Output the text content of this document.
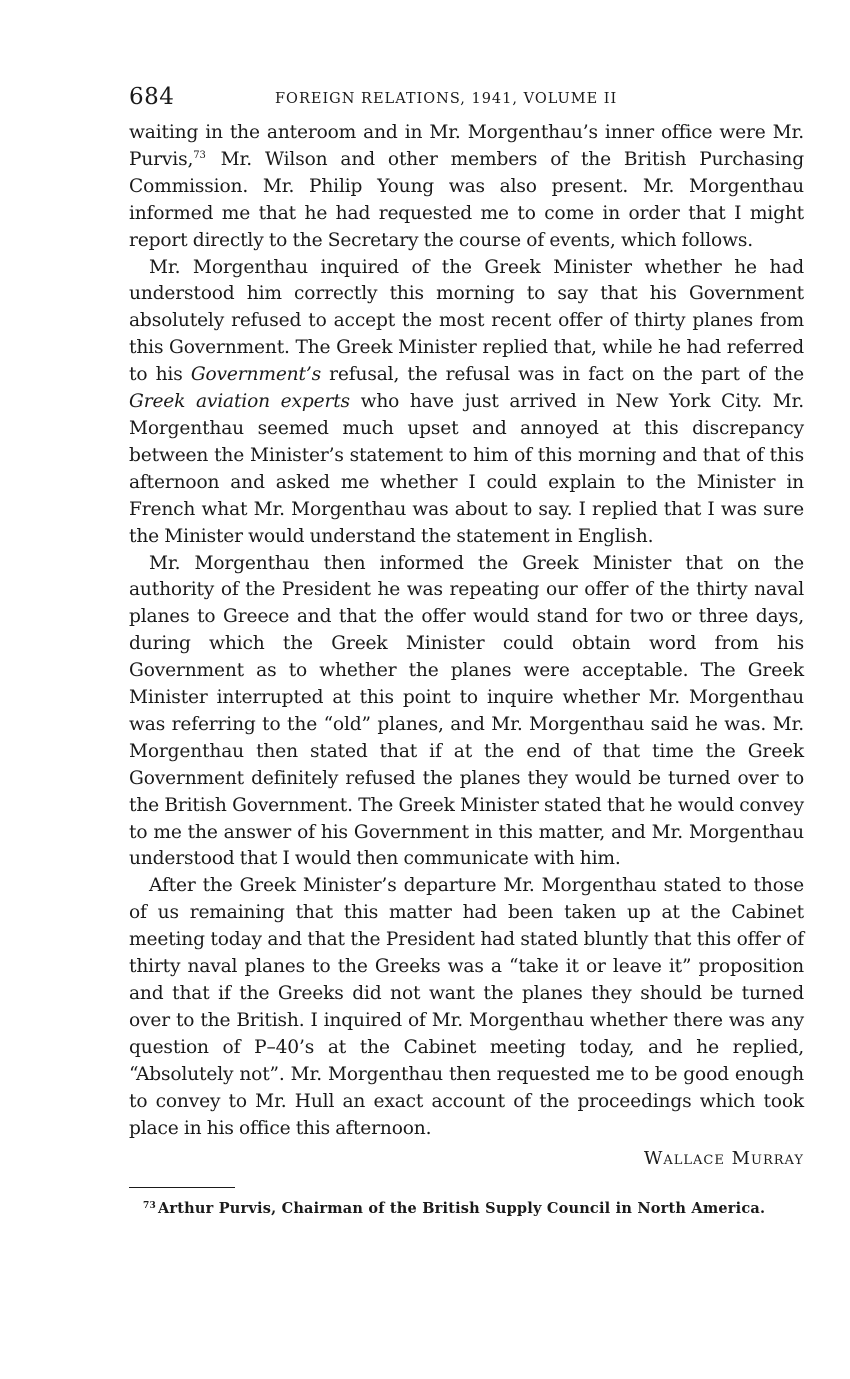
684	FOREIGN RELATIONS, 1941, VOLUME II

waiting in the anteroom and in Mr. Morgenthau’s inner office were Mr. Purvis,$^{73}$ Mr. Wilson and other members of the British Purchasing Commission. Mr. Philip Young was also present. Mr. Morgenthau informed me that he had requested me to come in order that I might report directly to the Secretary the course of events, which follows.

Mr. Morgenthau inquired of the Greek Minister whether he had understood him correctly this morning to say that his Government absolutely refused to accept the most recent offer of thirty planes from this Government. The Greek Minister replied that, while he had referred to his Government’s refusal, the refusal was in fact on the part of the Greek aviation experts who have just arrived in New York City. Mr. Morgenthau seemed much upset and annoyed at this discrepancy between the Minister’s statement to him of this morning and that of this afternoon and asked me whether I could explain to the Minister in French what Mr. Morgenthau was about to say. I replied that I was sure the Minister would understand the statement in English.

Mr. Morgenthau then informed the Greek Minister that on the authority of the President he was repeating our offer of the thirty naval planes to Greece and that the offer would stand for two or three days, during which the Greek Minister could obtain word from his Government as to whether the planes were acceptable. The Greek Minister interrupted at this point to inquire whether Mr. Morgenthau was referring to the “old” planes, and Mr. Morgenthau said he was. Mr. Morgenthau then stated that if at the end of that time the Greek Government definitely refused the planes they would be turned over to the British Government. The Greek Minister stated that he would convey to me the answer of his Government in this matter, and Mr. Morgenthau understood that I would then communicate with him.

After the Greek Minister’s departure Mr. Morgenthau stated to those of us remaining that this matter had been taken up at the Cabinet meeting today and that the President had stated bluntly that this offer of thirty naval planes to the Greeks was a “take it or leave it” proposition and that if the Greeks did not want the planes they should be turned over to the British. I inquired of Mr. Morgenthau whether there was any question of P–40’s at the Cabinet meeting today, and he replied, “Absolutely not”. Mr. Morgenthau then requested me to be good enough to convey to Mr. Hull an exact account of the proceedings which took place in his office this afternoon.

Wallace Murray
$^{73}$ Arthur Purvis, Chairman of the British Supply Council in North America.
